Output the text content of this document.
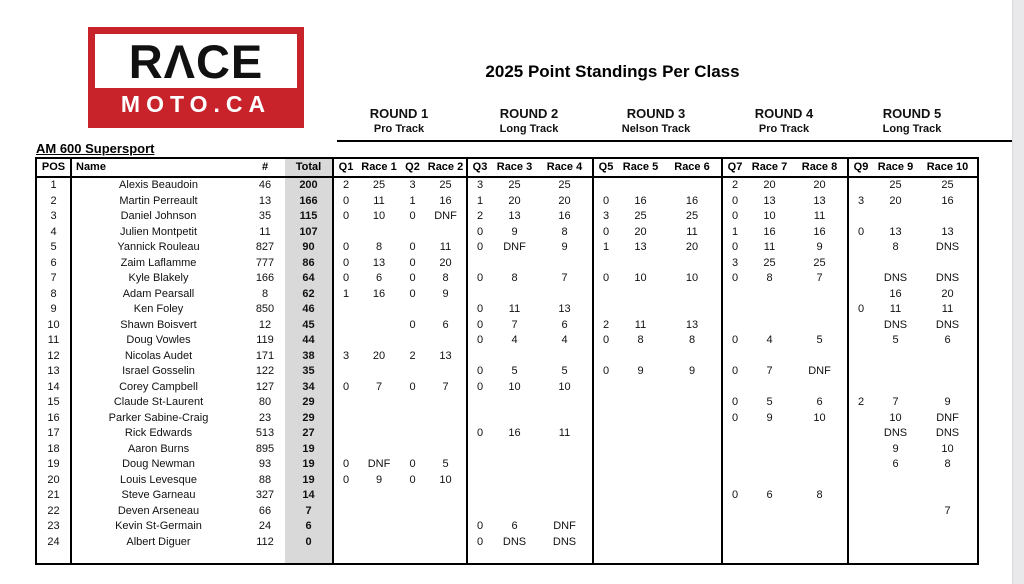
RΛCE
MOTO.CA
2025 Point Standings Per Class
ROUND 1
Pro Track
ROUND 2
Long Track
ROUND 3
Nelson Track
ROUND 4
Pro Track
ROUND 5
Long Track
AM 600 Supersport
POS	Name	#	Total	Q1	Race 1	Q2	Race 2	Q3	Race 3	Race 4	Q5	Race 5	Race 6	Q7	Race 7	Race 8	Q9	Race 9	Race 10
1	Alexis Beaudoin	46	200	2	25	3	25	3	25	25				2	20	20		25	25
2	Martin Perreault	13	166	0	11	1	16	1	20	20	0	16	16	0	13	13	3	20	16
3	Daniel Johnson	35	115	0	10	0	DNF	2	13	16	3	25	25	0	10	11			
4	Julien Montpetit	11	107					0	9	8	0	20	11	1	16	16	0	13	13
5	Yannick Rouleau	827	90	0	8	0	11	0	DNF	9	1	13	20	0	11	9		8	DNS
6	Zaim Laflamme	777	86	0	13	0	20							3	25	25			
7	Kyle Blakely	166	64	0	6	0	8	0	8	7	0	10	10	0	8	7		DNS	DNS
8	Adam Pearsall	8	62	1	16	0	9											16	20
9	Ken Foley	850	46					0	11	13							0	11	11
10	Shawn Boisvert	12	45			0	6	0	7	6	2	11	13					DNS	DNS
11	Doug Vowles	119	44					0	4	4	0	8	8	0	4	5		5	6
12	Nicolas Audet	171	38	3	20	2	13												
13	Israel Gosselin	122	35					0	5	5	0	9	9	0	7	DNF			
14	Corey Campbell	127	34	0	7	0	7	0	10	10									
15	Claude St-Laurent	80	29											0	5	6	2	7	9
16	Parker Sabine-Craig	23	29											0	9	10		10	DNF
17	Rick Edwards	513	27					0	16	11								DNS	DNS
18	Aaron Burns	895	19															9	10
19	Doug Newman	93	19	0	DNF	0	5											6	8
20	Louis Levesque	88	19	0	9	0	10												
21	Steve Garneau	327	14											0	6	8			
22	Deven Arseneau	66	7																7
23	Kevin St-Germain	24	6					0	6	DNF									
24	Albert Diguer	112	0					0	DNS	DNS									
